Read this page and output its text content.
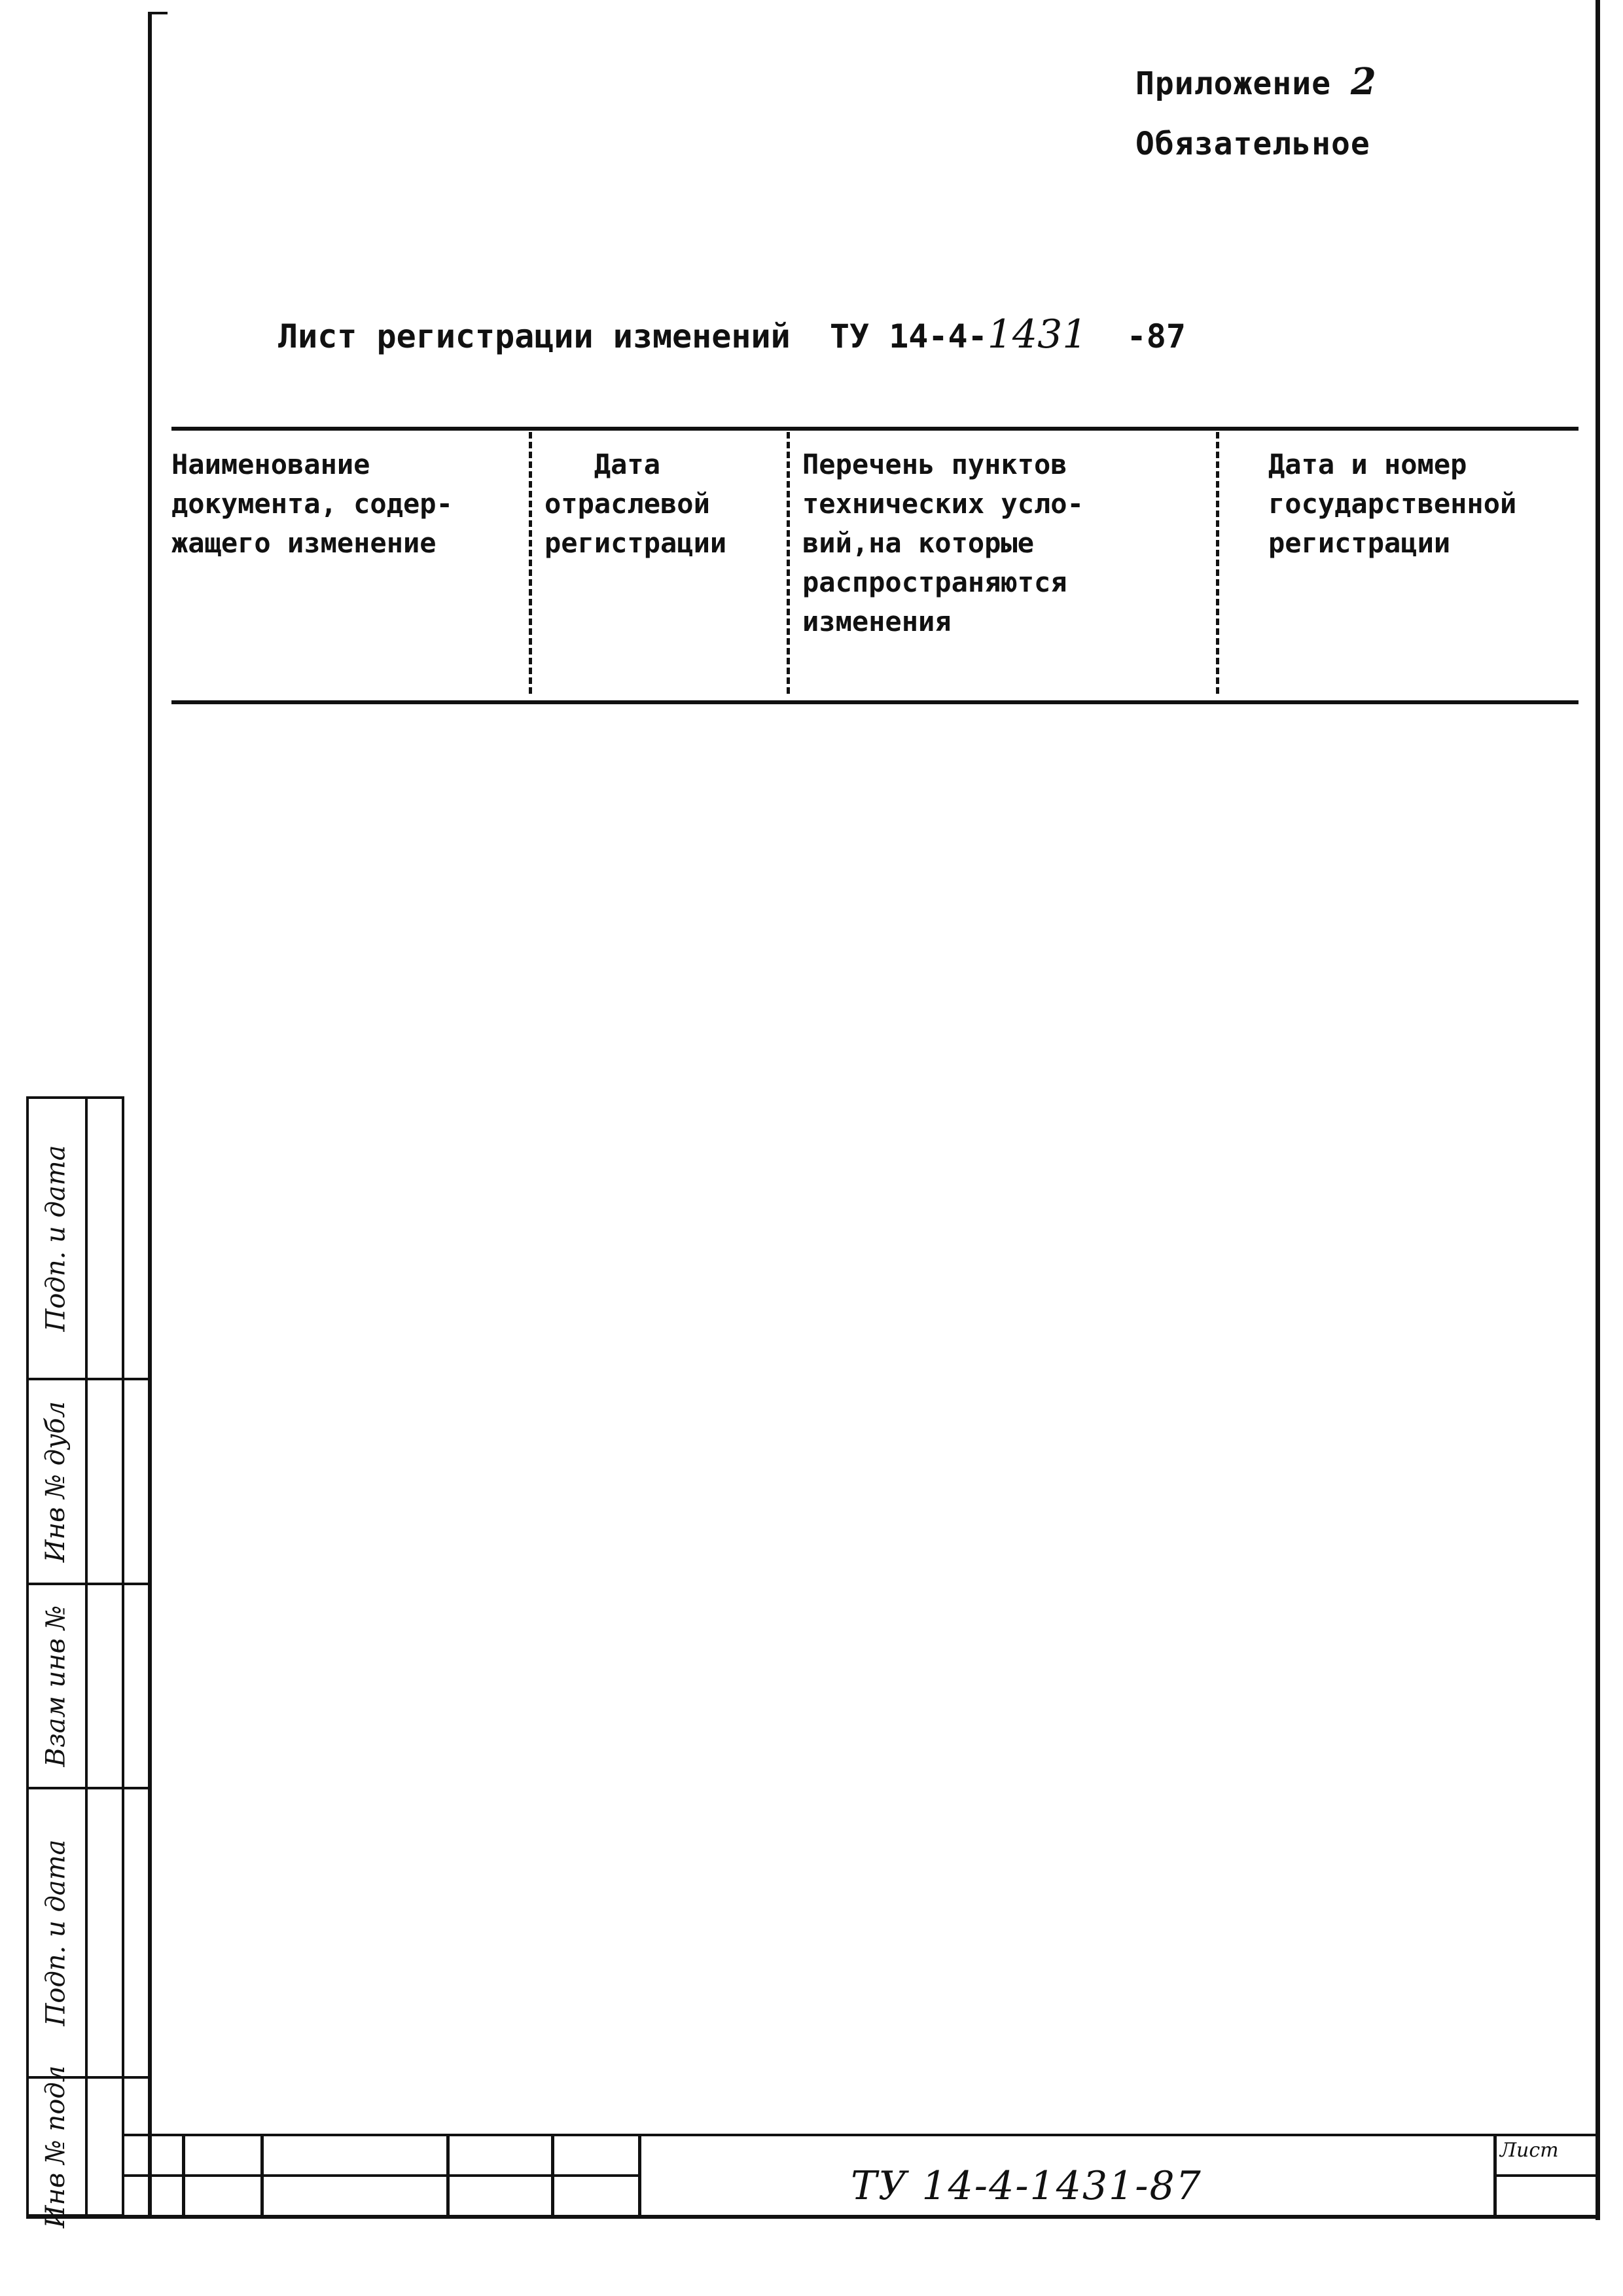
Приложение 2
Обязательное
Лист регистрации изменений ТУ 14-4-1431 -87
Наименование
документа, содер-
жащего изменение
Дата
отраслевой
регистрации
Перечень пунктов
технических усло-
вий,на которые
распространяются
изменения
Дата и номер
государственной
регистрации
Подп. и дата
Инв № дубл
Взам инв №
Подп. и дата
Инв № подл	Лист
ТУ 14-4-1431-87
